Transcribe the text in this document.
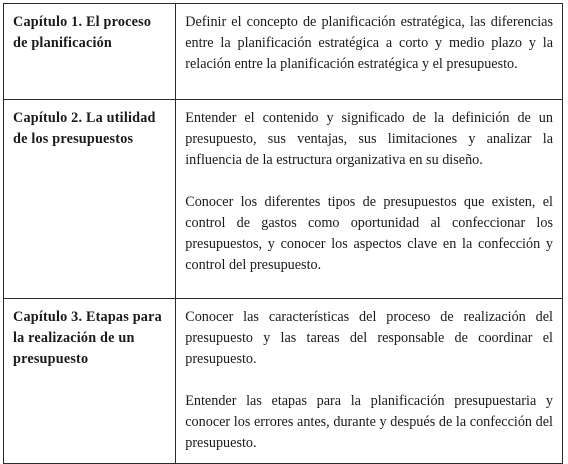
Capítulo 1. El proceso de planificación	Definir el concepto de planificación estratégica, las diferencias entre la planificación estratégica a corto y medio plazo y la relación entre la planificación estratégica y el presupuesto.

Capítulo 2. La utilidad de los presupuestos	Entender el contenido y significado de la definición de un presupuesto, sus ventajas, sus limitaciones y analizar la influencia de la estructura organizativa en su diseño.

Conocer los diferentes tipos de presupuestos que existen, el control de gastos como oportunidad al confeccionar los presupuestos, y conocer los aspectos clave en la confección y control del presupuesto.

Capítulo 3. Etapas para la realización de un presupuesto	Conocer las características del proceso de realización del presupuesto y las tareas del responsable de coordinar el presupuesto.

Entender las etapas para la planificación presupuestaria y conocer los errores antes, durante y después de la confección del presupuesto.
